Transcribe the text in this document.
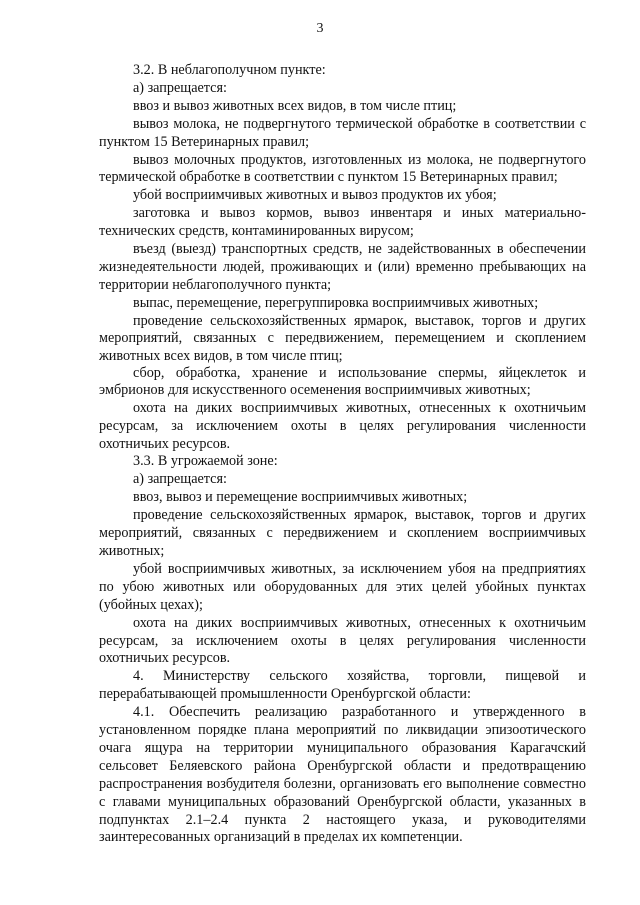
3

3.2. В неблагополучном пункте:

а) запрещается:

ввоз и вывоз животных всех видов, в том числе птиц;

вывоз молока, не подвергнутого термической обработке в соответствии с пунктом 15 Ветеринарных правил;

вывоз молочных продуктов, изготовленных из молока, не подвергнутого термической обработке в соответствии с пунктом 15 Ветеринарных правил;

убой восприимчивых животных и вывоз продуктов их убоя;

заготовка и вывоз кормов, вывоз инвентаря и иных материально-технических средств, контаминированных вирусом;

въезд (выезд) транспортных средств, не задействованных в обеспечении жизнедеятельности людей, проживающих и (или) временно пребывающих на территории неблагополучного пункта;

выпас, перемещение, перегруппировка восприимчивых животных;

проведение сельскохозяйственных ярмарок, выставок, торгов и других мероприятий, связанных с передвижением, перемещением и скоплением животных всех видов, в том числе птиц;

сбор, обработка, хранение и использование спермы, яйцеклеток и эмбрионов для искусственного осеменения восприимчивых животных;

охота на диких восприимчивых животных, отнесенных к охотничьим ресурсам, за исключением охоты в целях регулирования численности охотничьих ресурсов.

3.3. В угрожаемой зоне:

а) запрещается:

ввоз, вывоз и перемещение восприимчивых животных;

проведение сельскохозяйственных ярмарок, выставок, торгов и других мероприятий, связанных с передвижением и скоплением восприимчивых животных;

убой восприимчивых животных, за исключением убоя на предприятиях по убою животных или оборудованных для этих целей убойных пунктах (убойных цехах);

охота на диких восприимчивых животных, отнесенных к охотничьим ресурсам, за исключением охоты в целях регулирования численности охотничьих ресурсов.

4. Министерству сельского хозяйства, торговли, пищевой и перерабатывающей промышленности Оренбургской области:

4.1. Обеспечить реализацию разработанного и утвержденного в установленном порядке плана мероприятий по ликвидации эпизоотического очага ящура на территории муниципального образования Карагачский сельсовет Беляевского района Оренбургской области и предотвращению распространения возбудителя болезни, организовать его выполнение совместно с главами муниципальных образований Оренбургской области, указанных в подпунктах 2.1–2.4 пункта 2 настоящего указа, и руководителями заинтересованных организаций в пределах их компетенции.
